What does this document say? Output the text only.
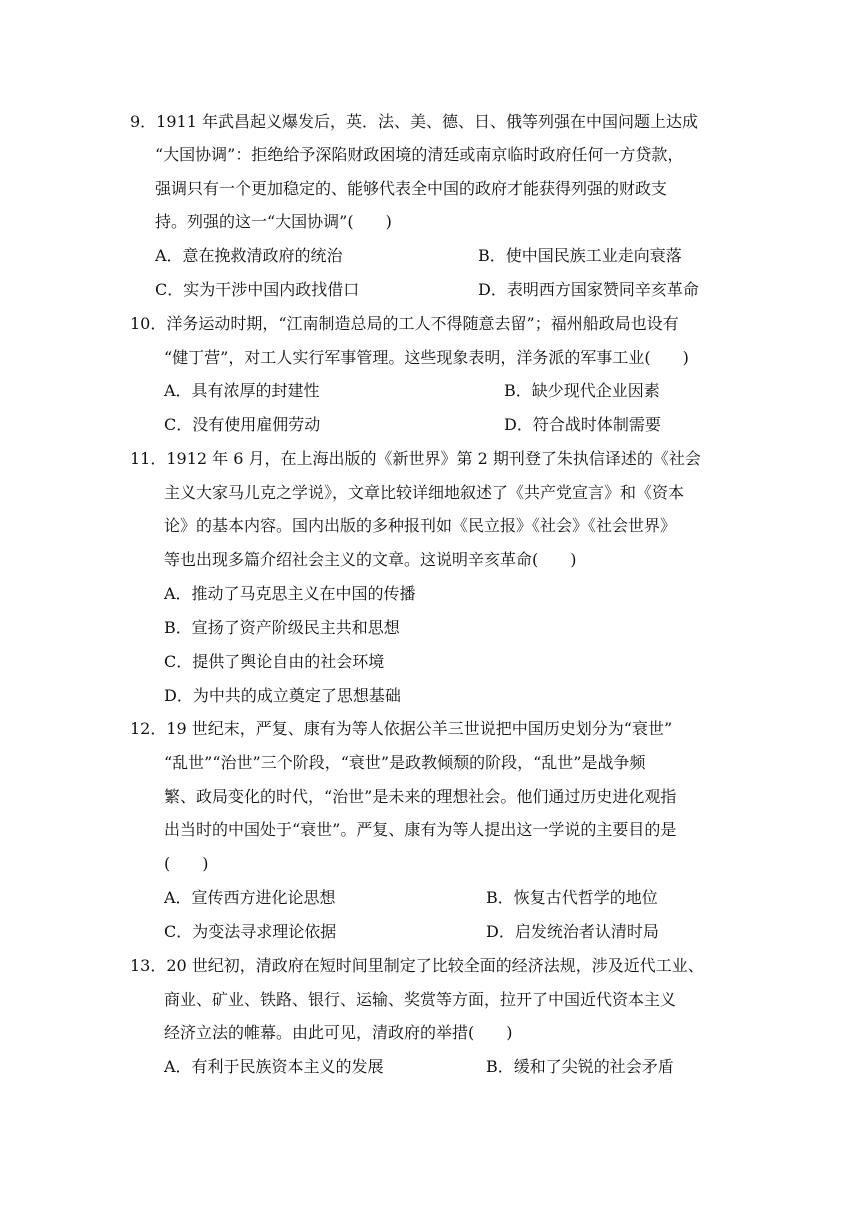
9．1911 年武昌起义爆发后，英．法、美、德、日、俄等列强在中国问题上达成
“大国协调”：拒绝给予深陷财政困境的清廷或南京临时政府任何一方贷款，
强调只有一个更加稳定的、能够代表全中国的政府才能获得列强的财政支
持。列强的这一“大国协调”(　　)
A．意在挽救清政府的统治	B．使中国民族工业走向衰落
C．实为干涉中国内政找借口	D．表明西方国家赞同辛亥革命
10．洋务运动时期，“江南制造总局的工人不得随意去留”；福州船政局也设有
“健丁营”，对工人实行军事管理。这些现象表明，洋务派的军事工业(　　)
A．具有浓厚的封建性	B．缺少现代企业因素
C．没有使用雇佣劳动	D．符合战时体制需要
11．1912 年 6 月，在上海出版的《新世界》第 2 期刊登了朱执信译述的《社会
主义大家马儿克之学说》，文章比较详细地叙述了《共产党宣言》和《资本
论》的基本内容。国内出版的多种报刊如《民立报》《社会》《社会世界》
等也出现多篇介绍社会主义的文章。这说明辛亥革命(　　)
A．推动了马克思主义在中国的传播
B．宣扬了资产阶级民主共和思想
C．提供了舆论自由的社会环境
D．为中共的成立奠定了思想基础
12．19 世纪末，严复、康有为等人依据公羊三世说把中国历史划分为“衰世”
“乱世”“治世”三个阶段，“衰世”是政教倾颓的阶段，“乱世”是战争频
繁、政局变化的时代，“治世”是未来的理想社会。他们通过历史进化观指
出当时的中国处于“衰世”。严复、康有为等人提出这一学说的主要目的是
(　　)
A．宣传西方进化论思想	B．恢复古代哲学的地位
C．为变法寻求理论依据	D．启发统治者认清时局
13．20 世纪初，清政府在短时间里制定了比较全面的经济法规，涉及近代工业、
商业、矿业、铁路、银行、运输、奖赏等方面，拉开了中国近代资本主义
经济立法的帷幕。由此可见，清政府的举措(　　)
A．有利于民族资本主义的发展	B．缓和了尖锐的社会矛盾
